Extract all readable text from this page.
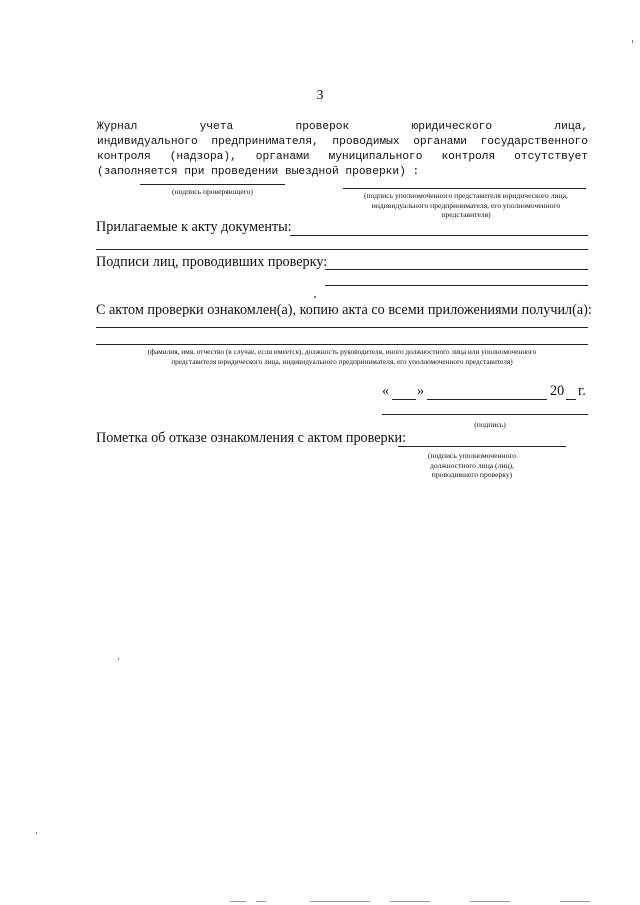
3
Журнал учета проверок юридического лица,
индивидуального предпринимателя, проводимых органами государственного
контроля (надзора), органами муниципального контроля отсутствует
(заполняется при проведении выездной проверки) :
(подпись проверяющего)	(подпись уполномоченного представителя юридического лица,
индивидуального предпринимателя, его уполномоченного
представителя)
Прилагаемые к акту документы:
Подписи лиц, проводивших проверку:
С актом проверки ознакомлен(а), копию акта со всеми приложениями получил(а):
(фамилия, имя, отчество (в случае, если имеется), должность руководителя, иного должностного лица или уполномоченного
представителя юридического лица, индивидуального предпринимателя, его уполномоченного представителя)
« »	20 г.
(подпись)
Пометка об отказе ознакомления с актом проверки:
(подпись уполномоченного
должностного лица (лиц),
проводившего проверку)
